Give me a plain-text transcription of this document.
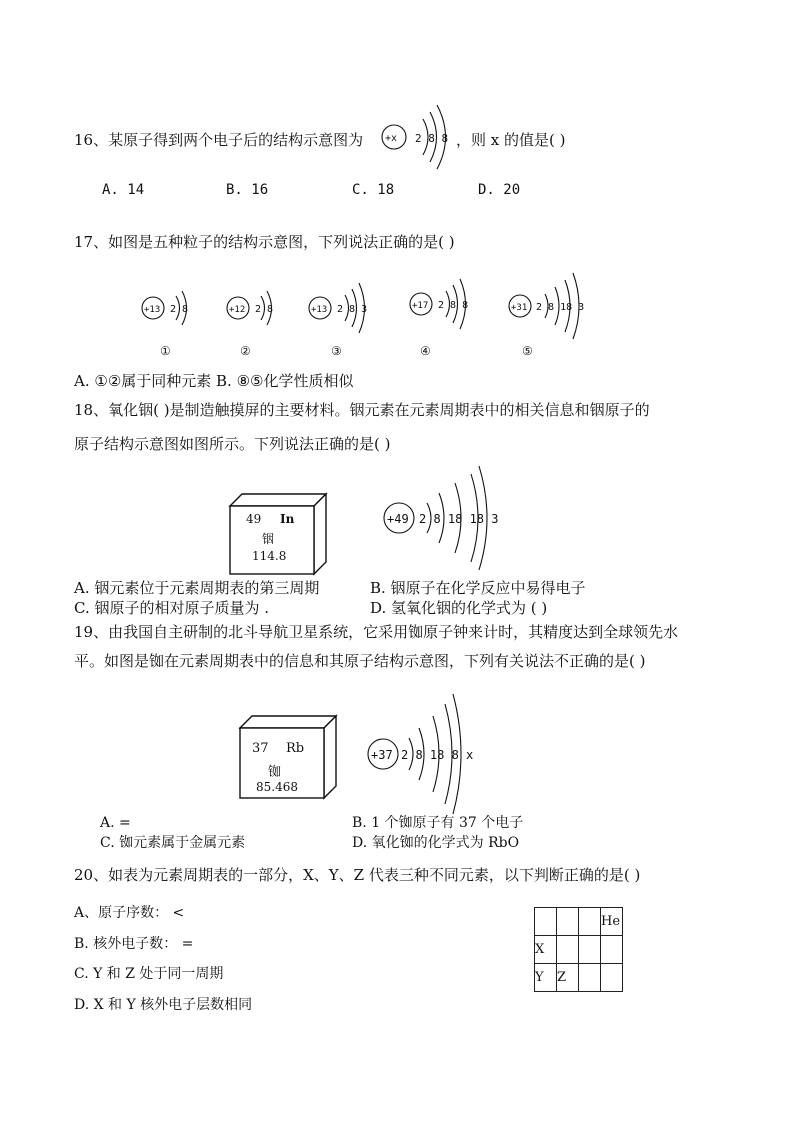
16、某原子得到两个电子后的结构示意图为 +x 2 8 8 ，则 x 的值是( )
A. 14	B. 16	C. 18	D. 20
17、如图是五种粒子的结构示意图，下列说法正确的是( )
+13 2 8	+12 2 8	+13 2 8 3	+17 2 8 8	+31 2 8 18 3
①	②	③	④	⑤
A. ①②属于同种元素 B. ⑧⑤化学性质相似
18、氧化铟( )是制造触摸屏的主要材料。铟元素在元素周期表中的相关信息和铟原子的
原子结构示意图如图所示。下列说法正确的是( )
49 In
铟
114.8
+49 2 8 18 18 3
A. 铟元素位于元素周期表的第三周期	B. 铟原子在化学反应中易得电子
C. 铟原子的相对原子质量为 .	D. 氢氧化铟的化学式为 ( )
19、由我国自主研制的北斗导航卫星系统，它采用铷原子钟来计时，其精度达到全球领先水
平。如图是铷在元素周期表中的信息和其原子结构示意图，下列有关说法不正确的是( )
37 Rb
铷
85.468
+37 2 8 18 8 x
A. =	B. 1 个铷原子有 37 个电子
C. 铷元素属于金属元素	D. 氧化铷的化学式为 RbO
20、如表为元素周期表的一部分，X、Y、Z 代表三种不同元素，以下判断正确的是( )
A、原子序数： <
B. 核外电子数： =
C. Y 和 Z 处于同一周期
D. X 和 Y 核外电子层数相同
			He
X			
Y	Z		
